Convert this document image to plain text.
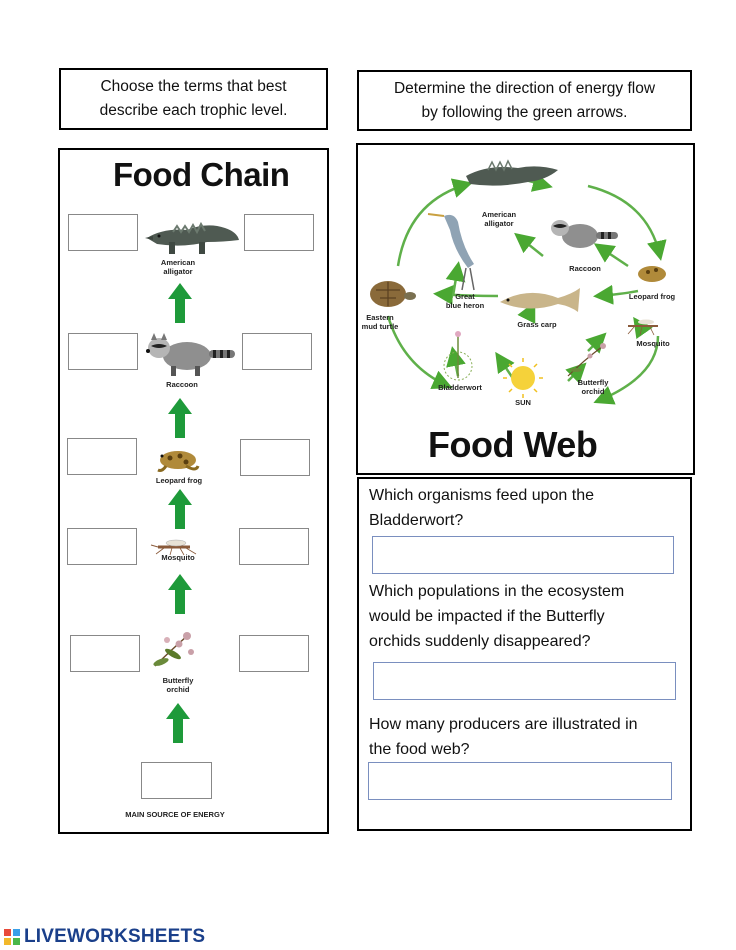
Choose the terms that best
describe each trophic level.
Determine the direction of energy flow
by following the green arrows.
Food Chain
American
alligator
Raccoon
Leopard frog
Mosquito
Butterfly
orchid
MAIN SOURCE OF ENERGY
American
alligator
Great
blue heron
Raccoon
Leopard frog
Eastern
mud turtle	Grass carp
Mosquito
Bladderwort
SUN
Butterfly
orchid
Food Web
Which organisms feed upon the
Bladderwort?
Which populations in the ecosystem
would be impacted if the Butterfly
orchids suddenly disappeared?
How many producers are illustrated in
the food web?
LIVEWORKSHEETS
